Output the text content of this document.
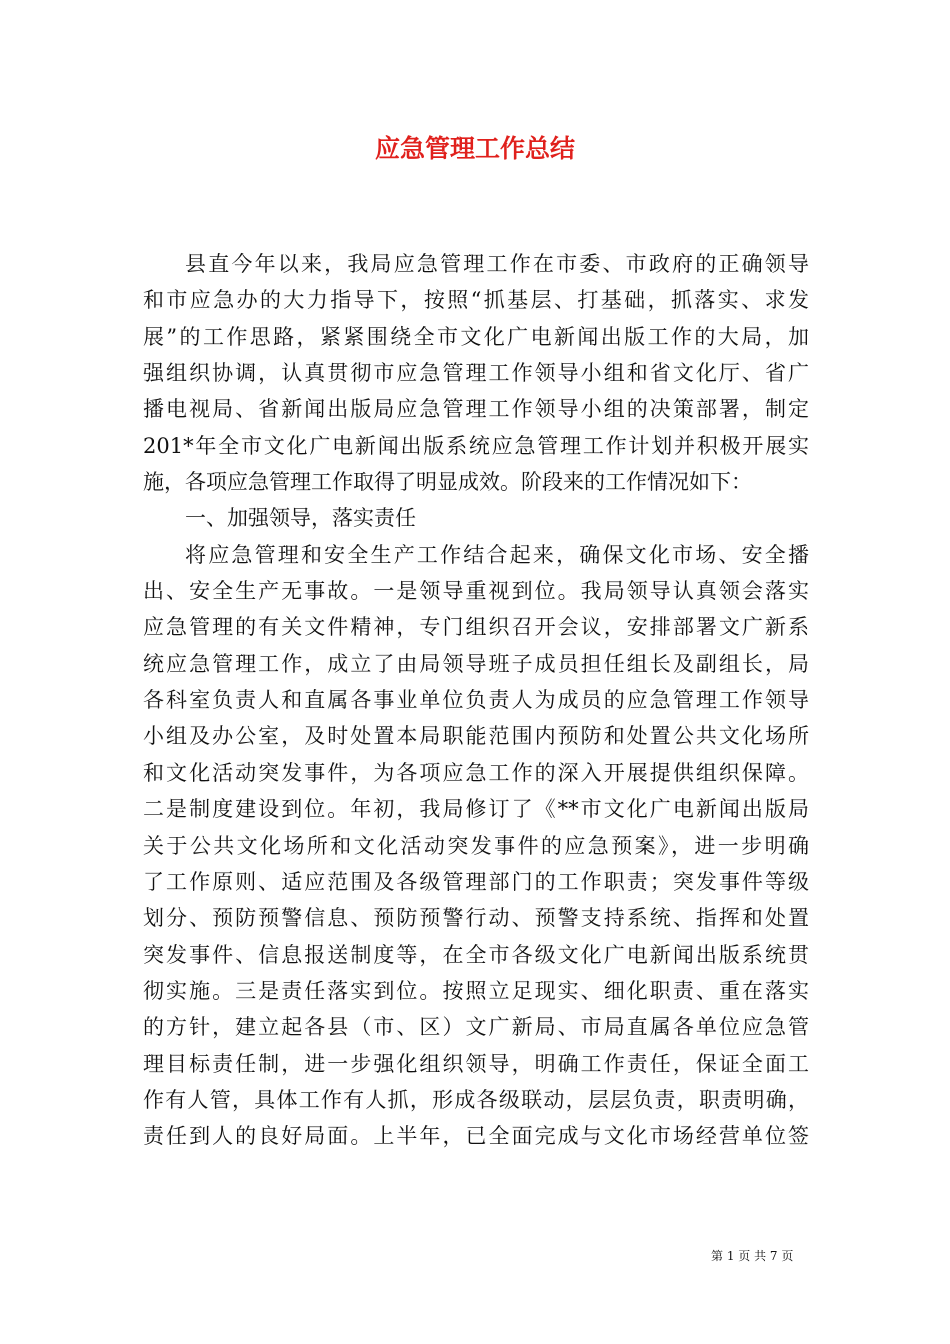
应急管理工作总结
县直今年以来，我局应急管理工作在市委、市政府的正确领导
和市应急办的大力指导下，按照“抓基层、打基础，抓落实、求发
展”的工作思路，紧紧围绕全市文化广电新闻出版工作的大局，加
强组织协调，认真贯彻市应急管理工作领导小组和省文化厅、省广
播电视局、省新闻出版局应急管理工作领导小组的决策部署，制定
201*年全市文化广电新闻出版系统应急管理工作计划并积极开展实
施，各项应急管理工作取得了明显成效。阶段来的工作情况如下：
一、加强领导，落实责任
将应急管理和安全生产工作结合起来，确保文化市场、安全播
出、安全生产无事故。一是领导重视到位。我局领导认真领会落实
应急管理的有关文件精神，专门组织召开会议，安排部署文广新系
统应急管理工作，成立了由局领导班子成员担任组长及副组长，局
各科室负责人和直属各事业单位负责人为成员的应急管理工作领导
小组及办公室，及时处置本局职能范围内预防和处置公共文化场所
和文化活动突发事件，为各项应急工作的深入开展提供组织保障。
二是制度建设到位。年初，我局修订了《**市文化广电新闻出版局
关于公共文化场所和文化活动突发事件的应急预案》，进一步明确
了工作原则、适应范围及各级管理部门的工作职责；突发事件等级
划分、预防预警信息、预防预警行动、预警支持系统、指挥和处置
突发事件、信息报送制度等，在全市各级文化广电新闻出版系统贯
彻实施。三是责任落实到位。按照立足现实、细化职责、重在落实
的方针，建立起各县（市、区）文广新局、市局直属各单位应急管
理目标责任制，进一步强化组织领导，明确工作责任，保证全面工
作有人管，具体工作有人抓，形成各级联动，层层负责，职责明确，
责任到人的良好局面。上半年，已全面完成与文化市场经营单位签
第 1 页 共 7 页
